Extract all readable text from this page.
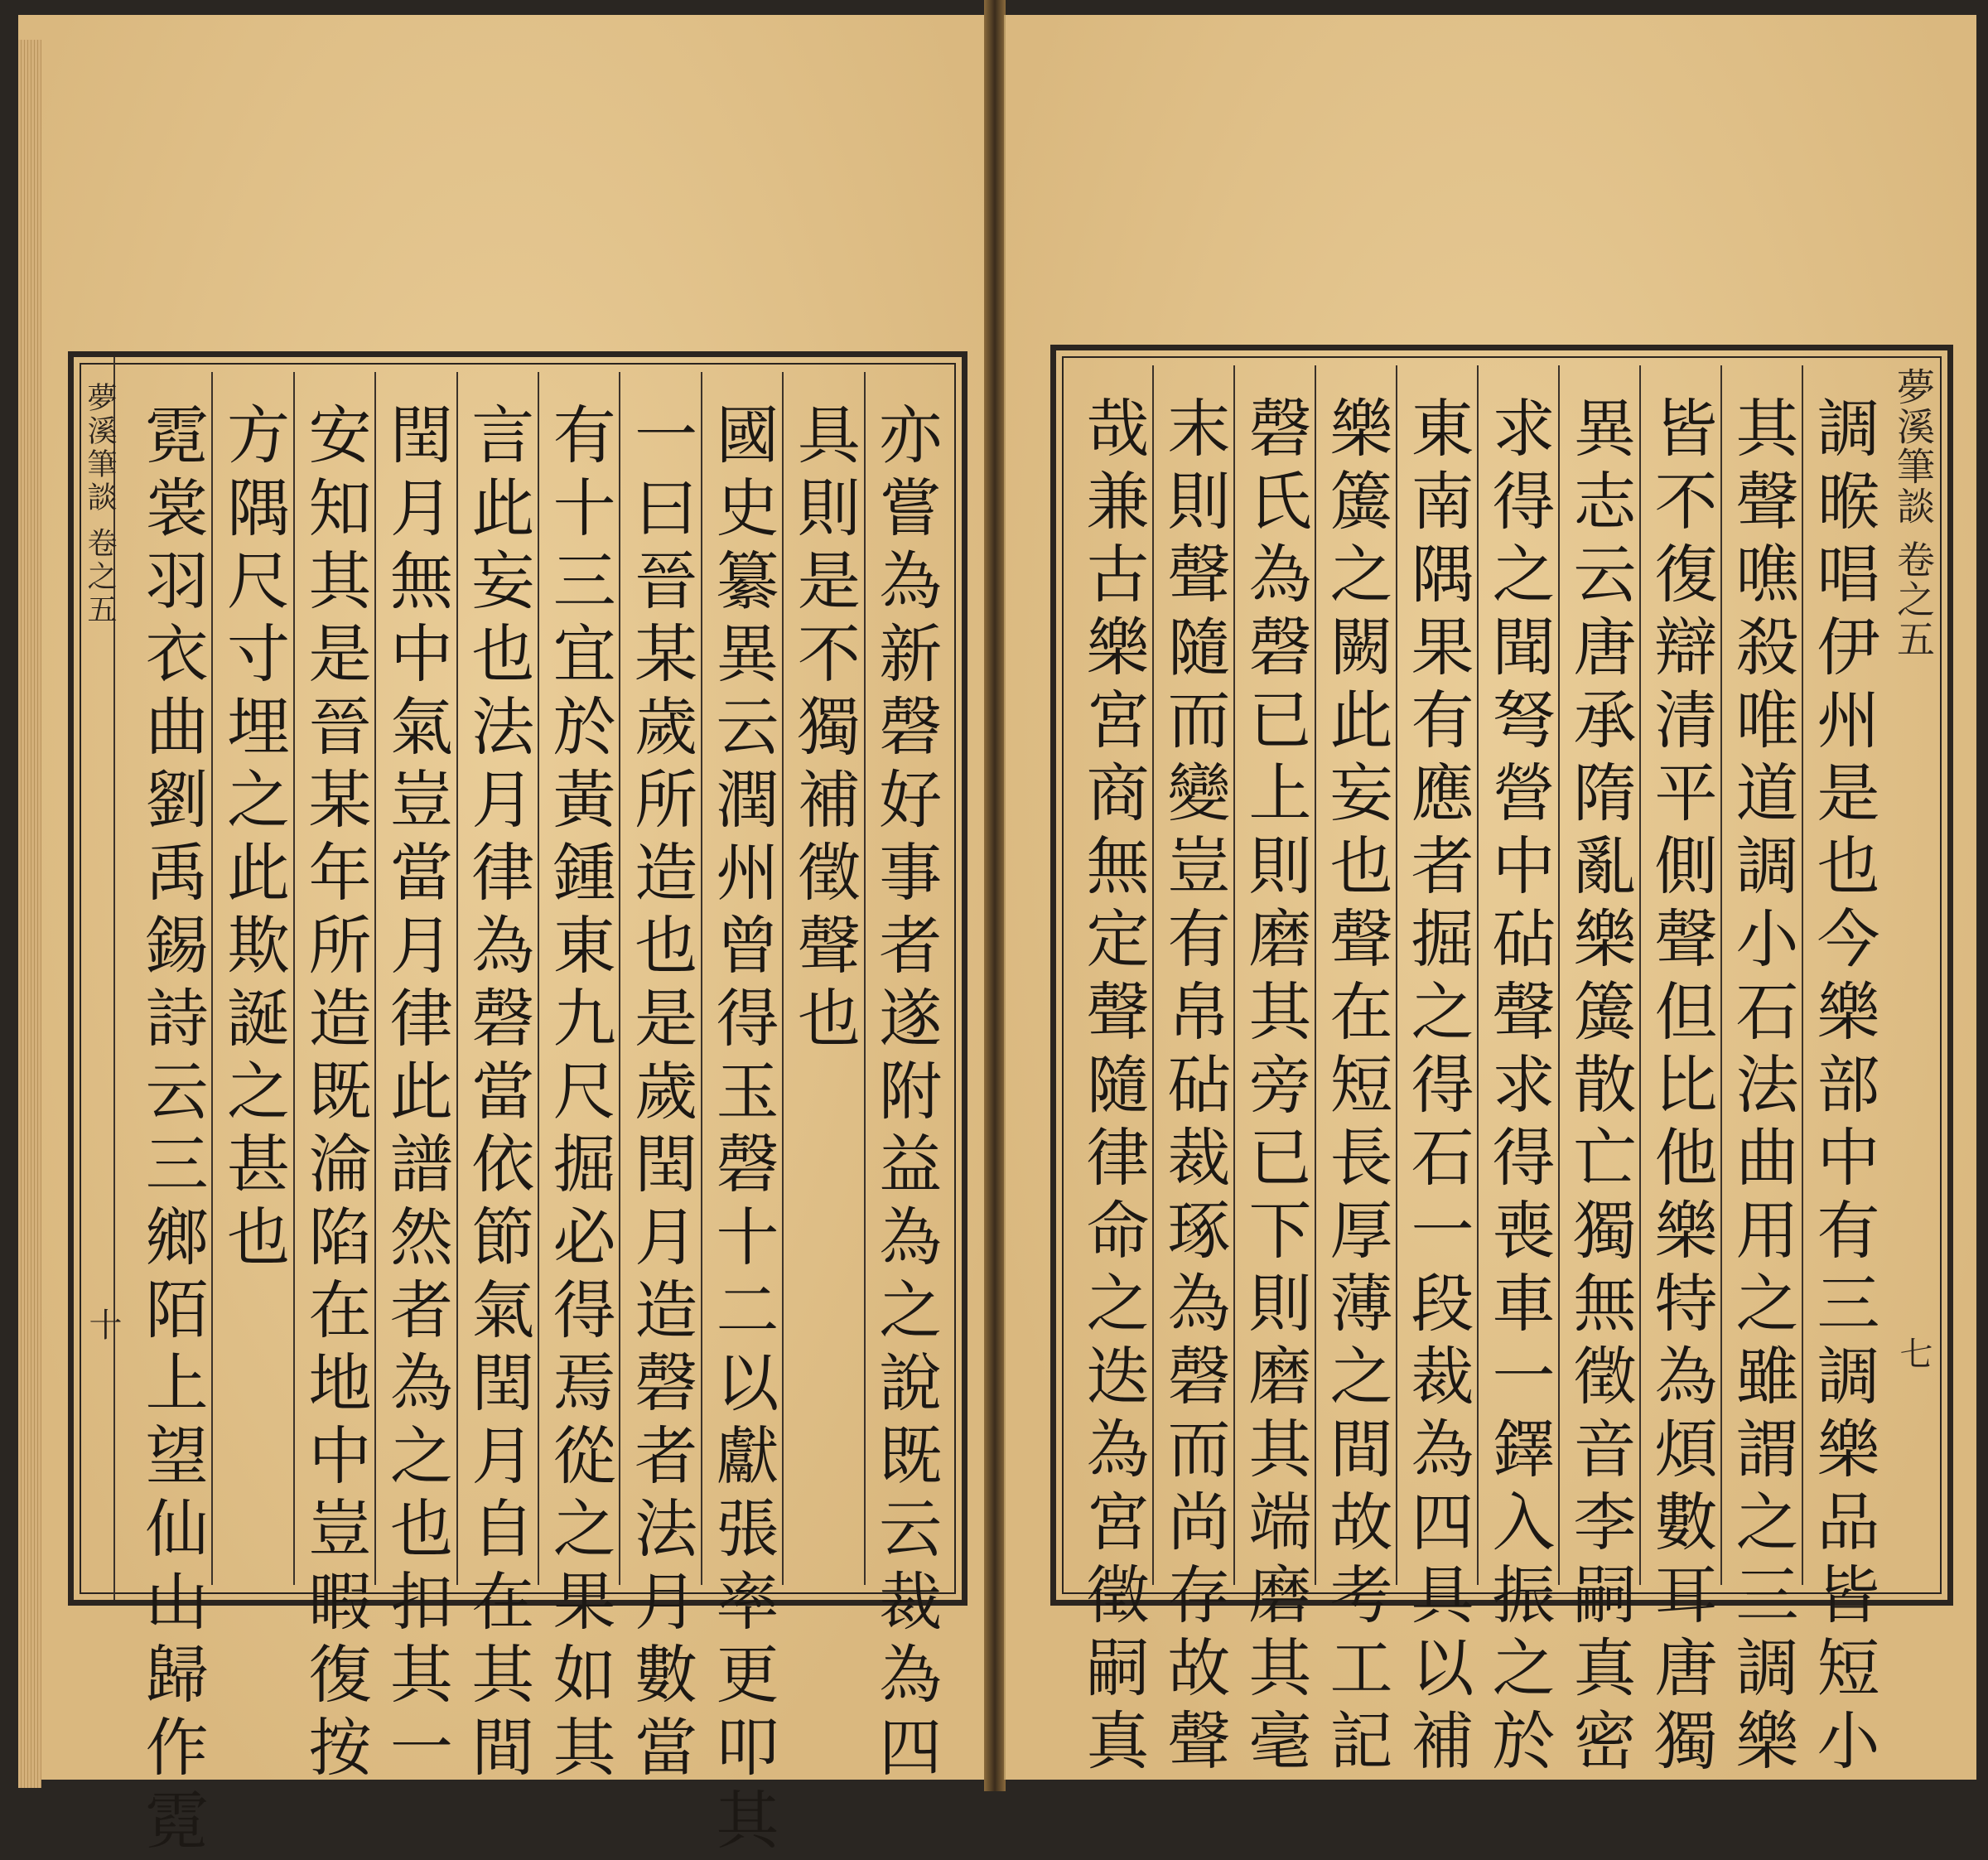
夢溪筆談 卷之五	亦嘗為新磬好事者遂附益為之說既云裁為四
具則是不獨補徵聲也
國史纂異云潤州曾得玉磬十二以獻張率更叩其
一曰晉某歲所造也是歲閏月造磬者法月數當
有十三宜於黃鍾東九尺掘必得焉從之果如其
言此妄也法月律為磬當依節氣閏月自在其間
閏月無中氣豈當月律此譜然者為之也扣其一
安知其是晉某年所造既淪陷在地中豈暇復按
方隅尺寸埋之此欺誕之甚也
霓裳羽衣曲劉禹錫詩云三鄉陌上望仙山歸作霓
十
夢溪筆談 卷之五
七
調㬋唱伊州是也今樂部中有三調樂品皆短小
其聲噍殺唯道調小石法曲用之雖謂之三調樂
皆不復辯清平側聲但比他樂特為煩數耳唐獨
異志云唐承隋亂樂簴散亡獨無徵音李嗣真密
求得之聞弩營中砧聲求得喪車一鐸入振之於
東南隅果有應者掘之得石一段裁為四具以補
樂簴之闕此妄也聲在短長厚薄之間故考工記
磬氏為磬已上則磨其旁已下則磨其端磨其毫
末則聲隨而變豈有帛砧裁琢為磬而尚存故聲
哉兼古樂宮商無定聲隨律命之迭為宮徵嗣真
